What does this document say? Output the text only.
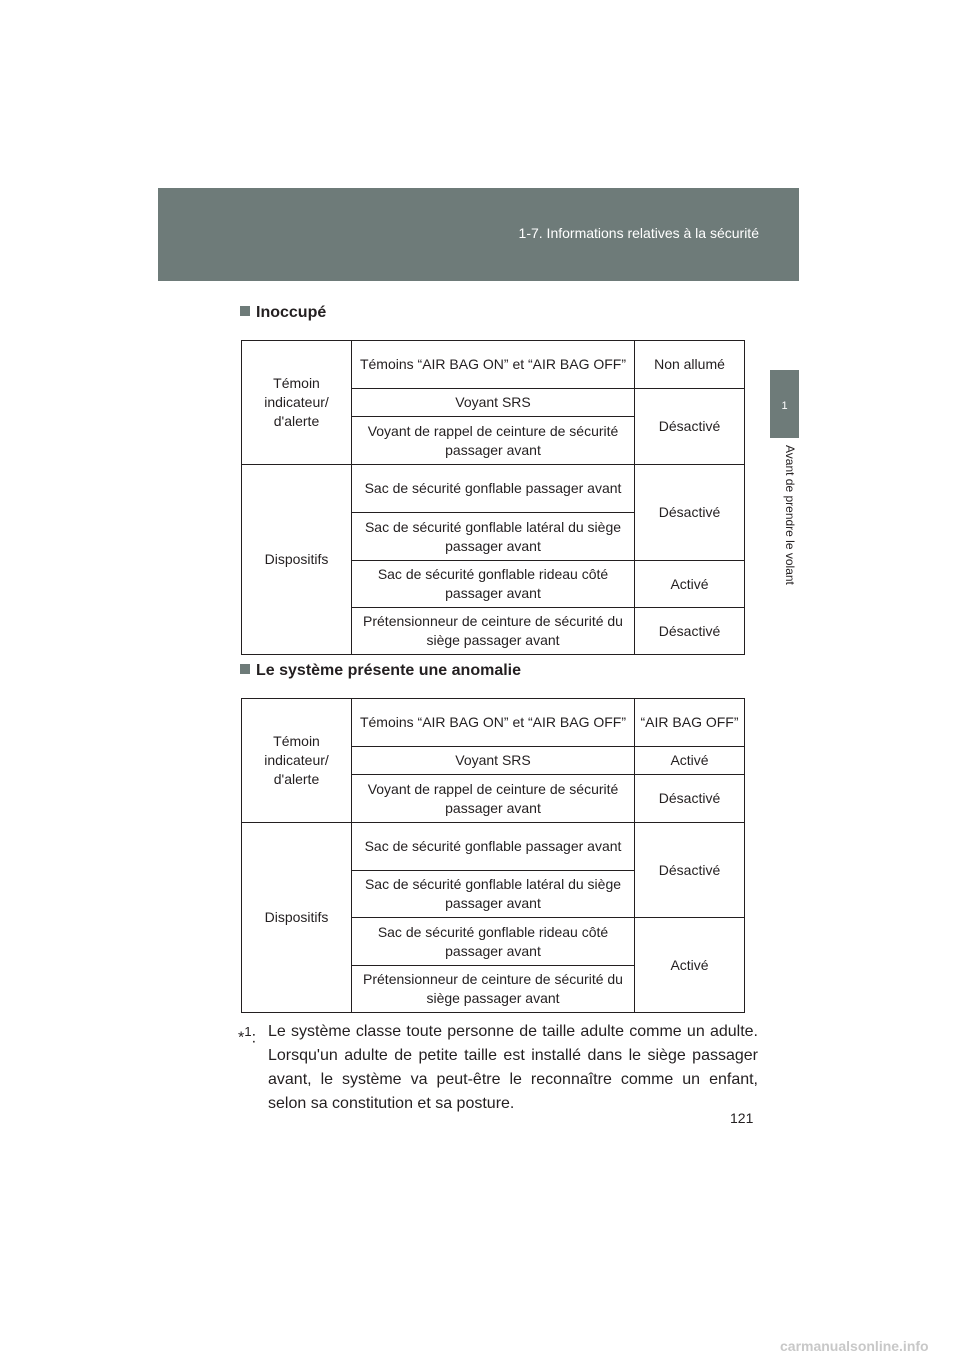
1-7. Informations relatives à la sécurité
1
Avant de prendre le volant
Inoccupé
Témoin indicateur/ d'alerte	Témoins “AIR BAG ON” et “AIR BAG OFF”	Non allumé
	Voyant SRS	Désactivé
	Voyant de rappel de ceinture de sécurité passager avant	
Dispositifs	Sac de sécurité gonflable passager avant	Désactivé
	Sac de sécurité gonflable latéral du siège passager avant	
	Sac de sécurité gonflable rideau côté passager avant	Activé
	Prétensionneur de ceinture de sécurité du siège passager avant	Désactivé
Le système présente une anomalie
Témoin indicateur/ d'alerte	Témoins “AIR BAG ON” et “AIR BAG OFF”	“AIR BAG OFF”
	Voyant SRS	Activé
	Voyant de rappel de ceinture de sécurité passager avant	Désactivé
Dispositifs	Sac de sécurité gonflable passager avant	Désactivé
	Sac de sécurité gonflable latéral du siège passager avant	
	Sac de sécurité gonflable rideau côté passager avant	Activé
	Prétensionneur de ceinture de sécurité du siège passager avant	
*$^1$: Le système classe toute personne de taille adulte comme un adulte. Lorsqu'un adulte de petite taille est installé dans le siège passager avant, le système va peut-être le reconnaître comme un enfant, selon sa constitution et sa posture.
121
carmanualsonline.info
